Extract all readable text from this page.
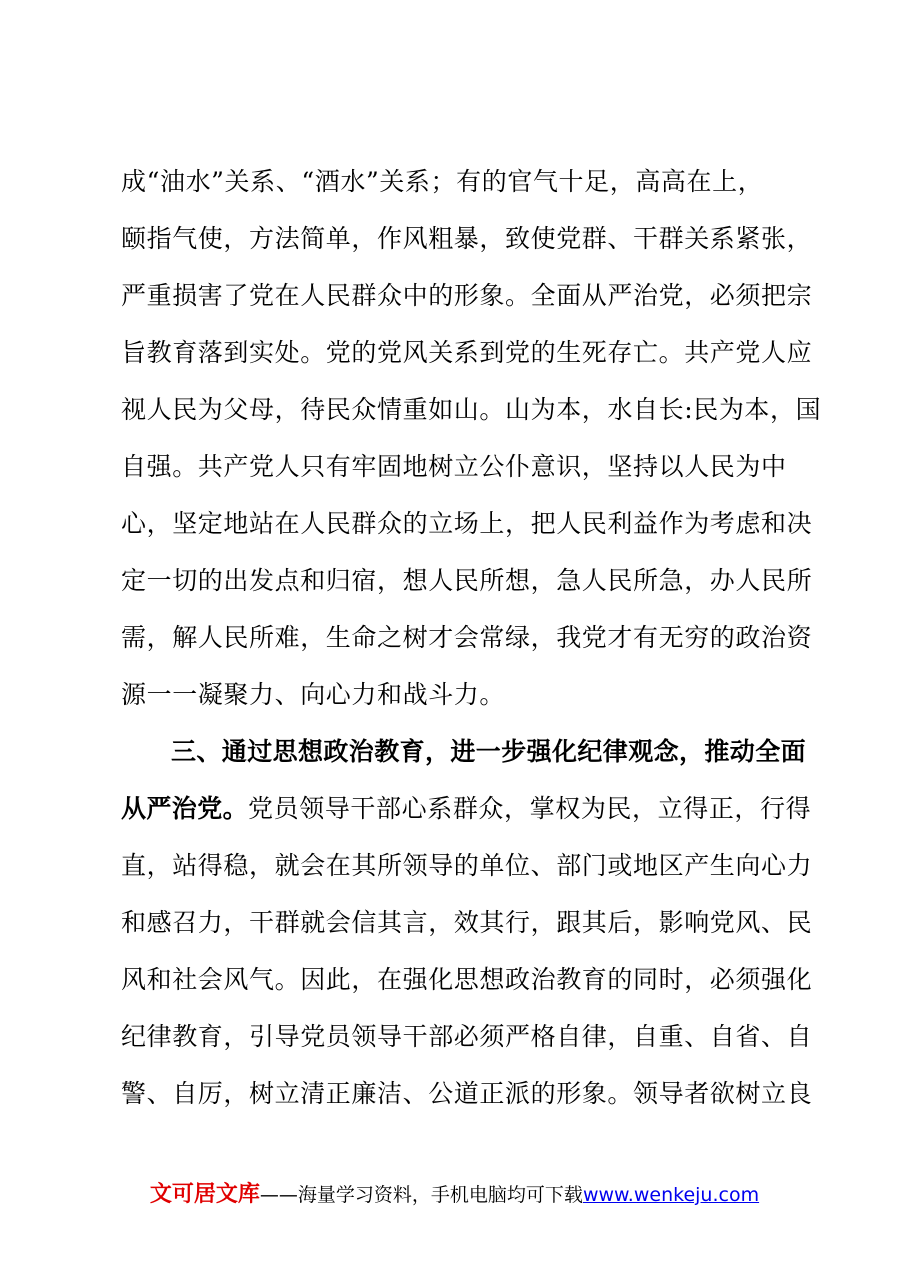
成“油水”关系、“酒水”关系；有的官气十足，高高在上，
颐指气使，方法简单，作风粗暴，致使党群、干群关系紧张，
严重损害了党在人民群众中的形象。全面从严治党，必须把宗
旨教育落到实处。党的党风关系到党的生死存亡。共产党人应
视人民为父母，待民众情重如山。山为本，水自长:民为本，国
自强。共产党人只有牢固地树立公仆意识，坚持以人民为中
心，坚定地站在人民群众的立场上，把人民利益作为考虑和决
定一切的出发点和归宿，想人民所想，急人民所急，办人民所
需，解人民所难，生命之树才会常绿，我党才有无穷的政治资
源一一凝聚力、向心力和战斗力。
三、通过思想政治教育，进一步强化纪律观念，推动全面
从严治党。党员领导干部心系群众，掌权为民，立得正，行得
直，站得稳，就会在其所领导的单位、部门或地区产生向心力
和感召力，干群就会信其言，效其行，跟其后，影响党风、民
风和社会风气。因此，在强化思想政治教育的同时，必须强化
纪律教育，引导党员领导干部必须严格自律，自重、自省、自
警、自厉，树立清正廉洁、公道正派的形象。领导者欲树立良
文可居文库——海量学习资料，手机电脑均可下载www.wenkeju.com
